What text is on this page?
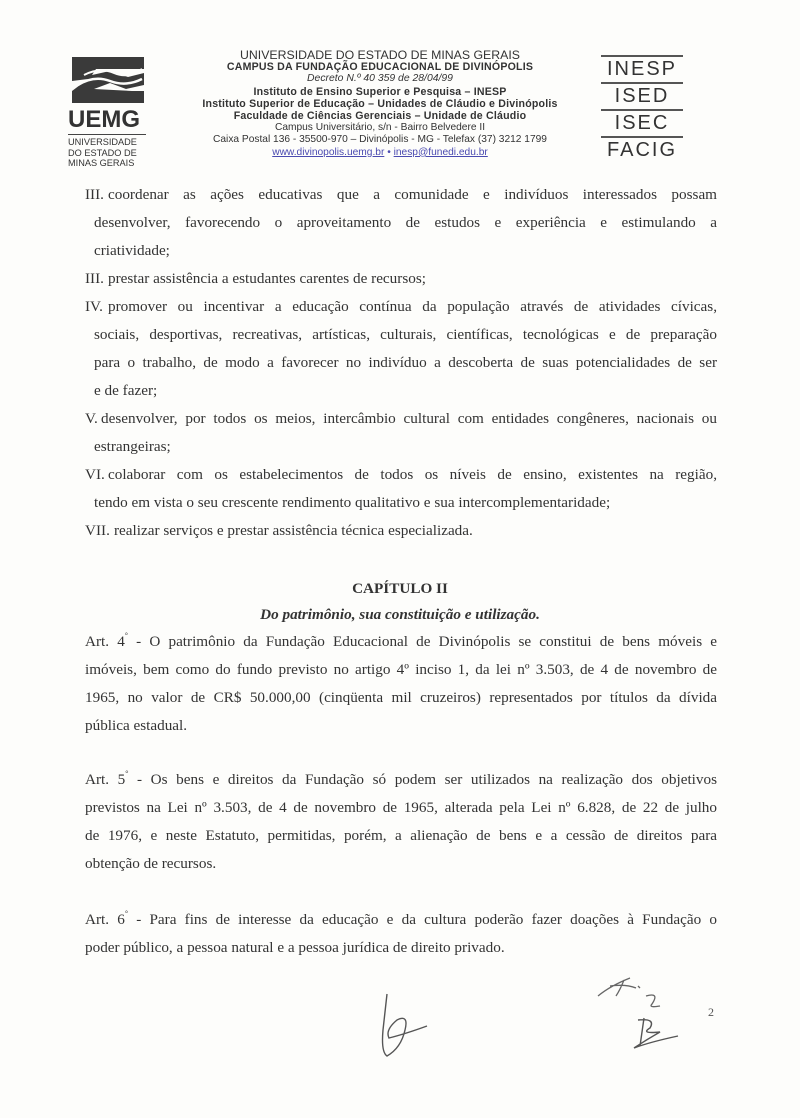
UEMG
UNIVERSIDADE
DO ESTADO DE
MINAS GERAIS
UNIVERSIDADE DO ESTADO DE MINAS GERAIS
CAMPUS DA FUNDAÇÃO EDUCACIONAL DE DIVINÓPOLIS
Decreto N.º 40 359 de 28/04/99
Instituto de Ensino Superior e Pesquisa – INESP
Instituto Superior de Educação – Unidades de Cláudio e Divinópolis
Faculdade de Ciências Gerenciais – Unidade de Cláudio
Campus Universitário, s/n - Bairro Belvedere II
Caixa Postal 136 - 35500-970 – Divinópolis - MG - Telefax (37) 3212 1799
www.divinopolis.uemg.br • inesp@funedi.edu.br
INESP
ISED
ISEC
FACIG
III. coordenar as ações educativas que a comunidade e indivíduos interessados possam
desenvolver, favorecendo o aproveitamento de estudos e experiência e estimulando a
criatividade;
III. prestar assistência a estudantes carentes de recursos;
IV. promover ou incentivar a educação contínua da população através de atividades cívicas,
sociais, desportivas, recreativas, artísticas, culturais, científicas, tecnológicas e de preparação
para o trabalho, de modo a favorecer no indivíduo a descoberta de suas potencialidades de ser
e de fazer;
V. desenvolver, por todos os meios, intercâmbio cultural com entidades congêneres, nacionais ou
estrangeiras;
VI. colaborar com os estabelecimentos de todos os níveis de ensino, existentes na região,
tendo em vista o seu crescente rendimento qualitativo e sua intercomplementaridade;
VII. realizar serviços e prestar assistência técnica especializada.
CAPÍTULO II
Do patrimônio, sua constituição e utilização.
Art. 4° - O patrimônio da Fundação Educacional de Divinópolis se constitui de bens móveis e
imóveis, bem como do fundo previsto no artigo 4º inciso 1, da lei nº 3.503, de 4 de novembro de
1965, no valor de CR$ 50.000,00 (cinqüenta mil cruzeiros) representados por títulos da dívida
pública estadual.
Art. 5° - Os bens e direitos da Fundação só podem ser utilizados na realização dos objetivos
previstos na Lei nº 3.503, de 4 de novembro de 1965, alterada pela Lei nº 6.828, de 22 de julho
de 1976, e neste Estatuto, permitidas, porém, a alienação de bens e a cessão de direitos para
obtenção de recursos.
Art. 6° - Para fins de interesse da educação e da cultura poderão fazer doações à Fundação o
poder público, a pessoa natural e a pessoa jurídica de direito privado.
2
